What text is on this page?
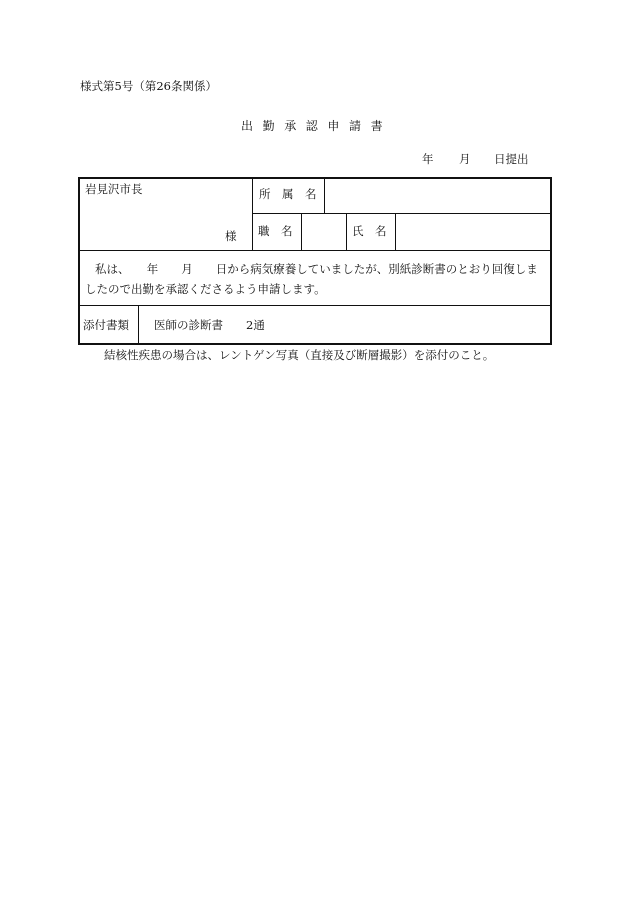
様式第5号（第26条関係）
出勤承認申請書
年 月 日提出
岩見沢市長
様
所　属　名
職　名	氏　名
私は、　　年　　月　　日から病気療養していましたが、別紙診断書のとおり回復しま
したので出勤を承認くださるよう申請します。
添付書類 医師の診断書　　2通
結核性疾患の場合は、レントゲン写真（直接及び断層撮影）を添付のこと。
